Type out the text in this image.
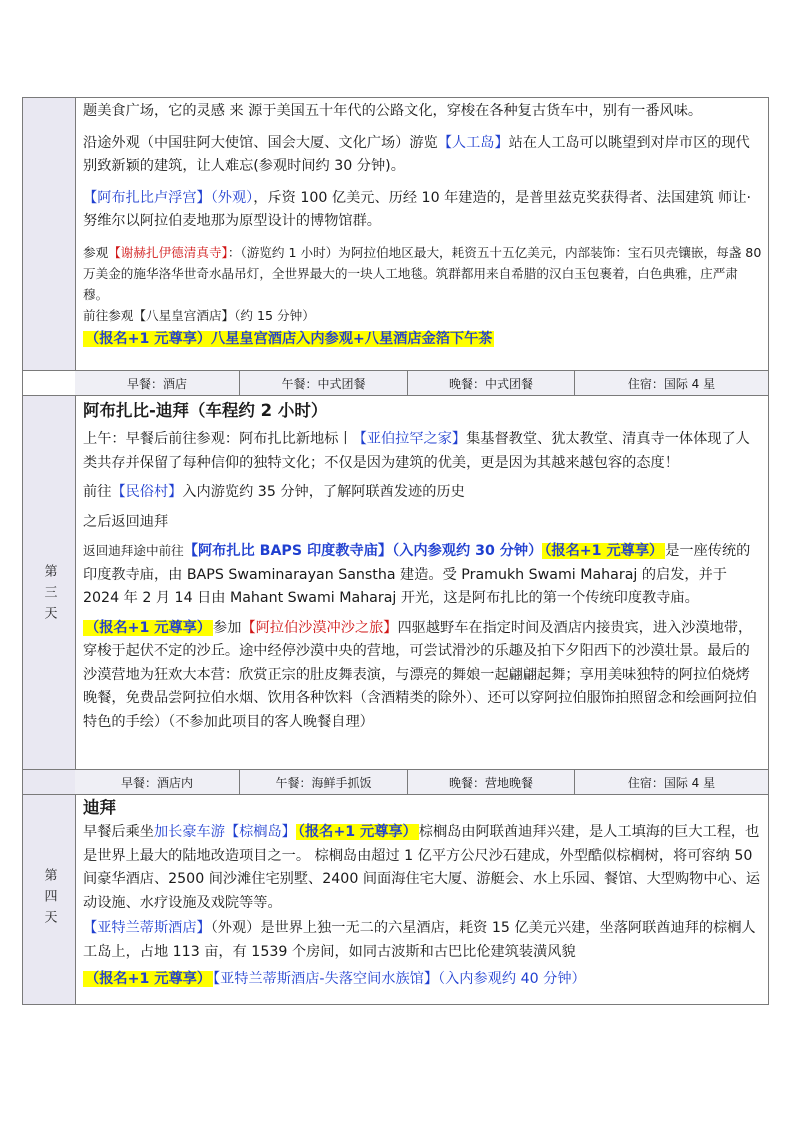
题美食广场，它的灵感 来 源于美国五十年代的公路文化，穿梭在各种复古货车中，别有一番风味。

沿途外观（中国驻阿大使馆、国会大厦、文化广场）游览【人工岛】站在人工岛可以眺望到对岸市区的现代别致新颖的建筑，让人难忘(参观时间约 30 分钟)。

【阿布扎比卢浮宫】（外观），斥资 100 亿美元、历经 10 年建造的，是普里兹克奖获得者、法国建筑 师让·努维尔以阿拉伯麦地那为原型设计的博物馆群。

参观【谢赫扎伊德清真寺】：（游览约 1 小时）为阿拉伯地区最大，耗资五十五亿美元，内部装饰：宝石贝壳镶嵌，每盏 80 万美金的施华洛华世奇水晶吊灯，全世界最大的一块人工地毯。筑群都用来自希腊的汉白玉包裹着，白色典雅，庄严肃穆。

前往参观【八星皇宫酒店】（约 15 分钟）

（报名+1 元尊享）八星皇宫酒店入内参观+八星酒店金箔下午茶

早餐：酒店	午餐：中式团餐	晚餐：中式团餐	住宿：国际 4 星
第三天

阿布扎比-迪拜（车程约 2 小时）

上午：早餐后前往参观：阿布扎比新地标丨【亚伯拉罕之家】集基督教堂、犹太教堂、清真寺一体体现了人类共存并保留了每种信仰的独特文化；不仅是因为建筑的优美，更是因为其越来越包容的态度！

前往【民俗村】入内游览约 35 分钟，了解阿联酋发迹的历史

之后返回迪拜

返回迪拜途中前往【阿布扎比 BAPS 印度教寺庙】（入内参观约 30 分钟） （报名+1 元尊享） 是一座传统的印度教寺庙，由 BAPS Swaminarayan Sanstha 建造。受 Pramukh Swami Maharaj 的启发，并于 2024 年 2 月 14 日由 Mahant Swami Maharaj 开光，这是阿布扎比的第一个传统印度教寺庙。

（报名+1 元尊享） 参加【阿拉伯沙漠冲沙之旅】四驱越野车在指定时间及酒店内接贵宾，进入沙漠地带，穿梭于起伏不定的沙丘。途中经停沙漠中央的营地，可尝试滑沙的乐趣及拍下夕阳西下的沙漠壮景。最后的沙漠营地为狂欢大本营：欣赏正宗的肚皮舞表演，与漂亮的舞娘一起翩翩起舞；享用美味独特的阿拉伯烧烤晚餐，免费品尝阿拉伯水烟、饮用各种饮料（含酒精类的除外）、还可以穿阿拉伯服饰拍照留念和绘画阿拉伯特色的手绘）（不参加此项目的客人晚餐自理）

早餐：酒店内	午餐：海鲜手抓饭	晚餐：营地晚餐	住宿：国际 4 星
第四天

迪拜

早餐后乘坐加长豪车游【棕榈岛】 （报名+1 元尊享） 棕榈岛由阿联酋迪拜兴建，是人工填海的巨大工程，也是世界上最大的陆地改造项目之一。 棕榈岛由超过 1 亿平方公尺沙石建成，外型酷似棕榈树，将可容纳 50 间豪华酒店、2500 间沙滩住宅别墅、2400 间面海住宅大厦、游艇会、水上乐园、餐馆、大型购物中心、运动设施、水疗设施及戏院等等。

【亚特兰蒂斯酒店】（外观）是世界上独一无二的六星酒店，耗资 15 亿美元兴建，坐落阿联酋迪拜的棕榈人工岛上，占地 113 亩，有 1539 个房间，如同古波斯和古巴比伦建筑装潢风貌

（报名+1 元尊享） 【亚特兰蒂斯酒店-失落空间水族馆】（入内参观约 40 分钟）
